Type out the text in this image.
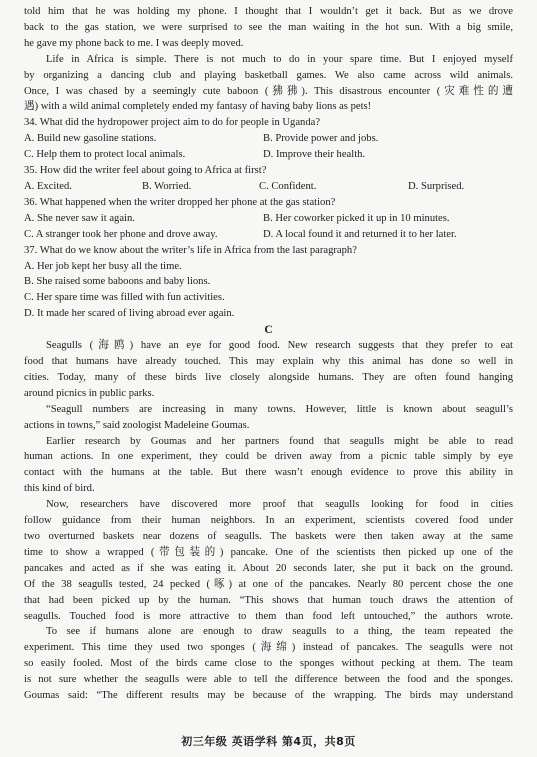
told him that he was holding my phone. I thought that I wouldn’t get it back. But as we drove
back to the gas station, we were surprised to see the man waiting in the hot sun. With a big smile,
he gave my phone back to me. I was deeply moved.
Life in Africa is simple. There is not much to do in your spare time. But I enjoyed myself
by organizing a dancing club and playing basketball games. We also came across wild animals.
Once, I was chased by a seemingly cute baboon (狒狒). This disastrous encounter (灾难性的遭
遇) with a wild animal completely ended my fantasy of having baby lions as pets!
34. What did the hydropower project aim to do for people in Uganda?
A. Build new gasoline stations.	B. Provide power and jobs.
C. Help them to protect local animals.	D. Improve their health.
35. How did the writer feel about going to Africa at first?
A. Excited.	B. Worried.	C. Confident.	D. Surprised.
36. What happened when the writer dropped her phone at the gas station?
A. She never saw it again.	B. Her coworker picked it up in 10 minutes.
C. A stranger took her phone and drove away.	D. A local found it and returned it to her later.
37. What do we know about the writer’s life in Africa from the last paragraph?
A. Her job kept her busy all the time.
B. She raised some baboons and baby lions.
C. Her spare time was filled with fun activities.
D. It made her scared of living abroad ever again.
C
Seagulls (海鸥) have an eye for good food. New research suggests that they prefer to eat
food that humans have already touched. This may explain why this animal has done so well in
cities. Today, many of these birds live closely alongside humans. They are often found hanging
around picnics in public parks.
“Seagull numbers are increasing in many towns. However, little is known about seagull’s
actions in towns,” said zoologist Madeleine Goumas.
Earlier research by Goumas and her partners found that seagulls might be able to read
human actions. In one experiment, they could be driven away from a picnic table simply by eye
contact with the humans at the table. But there wasn’t enough evidence to prove this ability in
this kind of bird.
Now, researchers have discovered more proof that seagulls looking for food in cities
follow guidance from their human neighbors. In an experiment, scientists covered food under
two overturned baskets near dozens of seagulls. The baskets were then taken away at the same
time to show a wrapped (带包装的) pancake. One of the scientists then picked up one of the
pancakes and acted as if she was eating it. About 20 seconds later, she put it back on the ground.
Of the 38 seagulls tested, 24 pecked (啄) at one of the pancakes. Nearly 80 percent chose the one
that had been picked up by the human. “This shows that human touch draws the attention of
seagulls. Touched food is more attractive to them than food left untouched,” the authors wrote.
To see if humans alone are enough to draw seagulls to a thing, the team repeated the
experiment. This time they used two sponges (海绵) instead of pancakes. The seagulls were not
so easily fooled. Most of the birds came close to the sponges without pecking at them. The team
is not sure whether the seagulls were able to tell the difference between the food and the sponges.
Goumas said: “The different results may be because of the wrapping. The birds may understand
初三年级 英语学科 第4页，共8页
